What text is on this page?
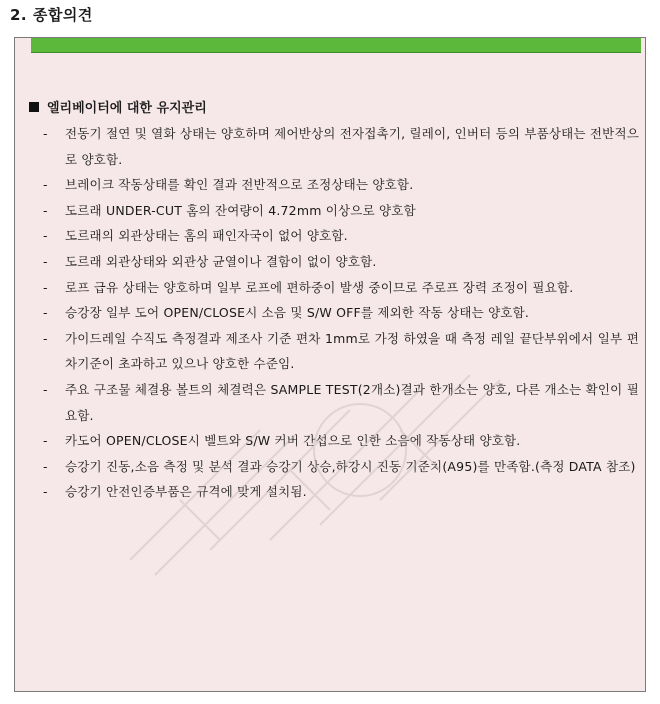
2. 종합의견
엘리베이터에 대한 유지관리
-	전동기 절연 및 열화 상태는 양호하며 제어반상의 전자접촉기, 릴레이, 인버터 등의 부품상태는 전반적으로 양호함.
-	브레이크 작동상태를 확인 결과 전반적으로 조정상태는 양호함.
-	도르래 UNDER-CUT 홈의 잔여량이 4.72mm 이상으로 양호함
-	도르래의 외관상태는 홈의 패인자국이 없어 양호함.
-	도르래 외관상태와 외관상 균열이나 결함이 없이 양호함.
-	로프 급유 상태는 양호하며 일부 로프에 편하중이 발생 중이므로 주로프 장력 조정이 필요함.
-	승강장 일부 도어 OPEN/CLOSE시 소음 및 S/W OFF를 제외한 작동 상태는 양호함.
-	가이드레일 수직도 측정결과 제조사 기준 편차 1mm로 가정 하였을 때 측정 레일 끝단부위에서 일부 편차기준이 초과하고 있으나 양호한 수준임.
-	주요 구조물 체결용 볼트의 체결력은 SAMPLE TEST(2개소)결과 한개소는 양호, 다른 개소는 확인이 필요함.
-	카도어 OPEN/CLOSE시 벨트와 S/W 커버 간섭으로 인한 소음에 작동상태 양호함.
-	승강기 진동,소음 측정 및 분석 결과 승강기 상승,하강시 진동 기준치(A95)를 만족함.(측정 DATA 참조)
-	승강기 안전인증부품은 규격에 맞게 설치됨.
